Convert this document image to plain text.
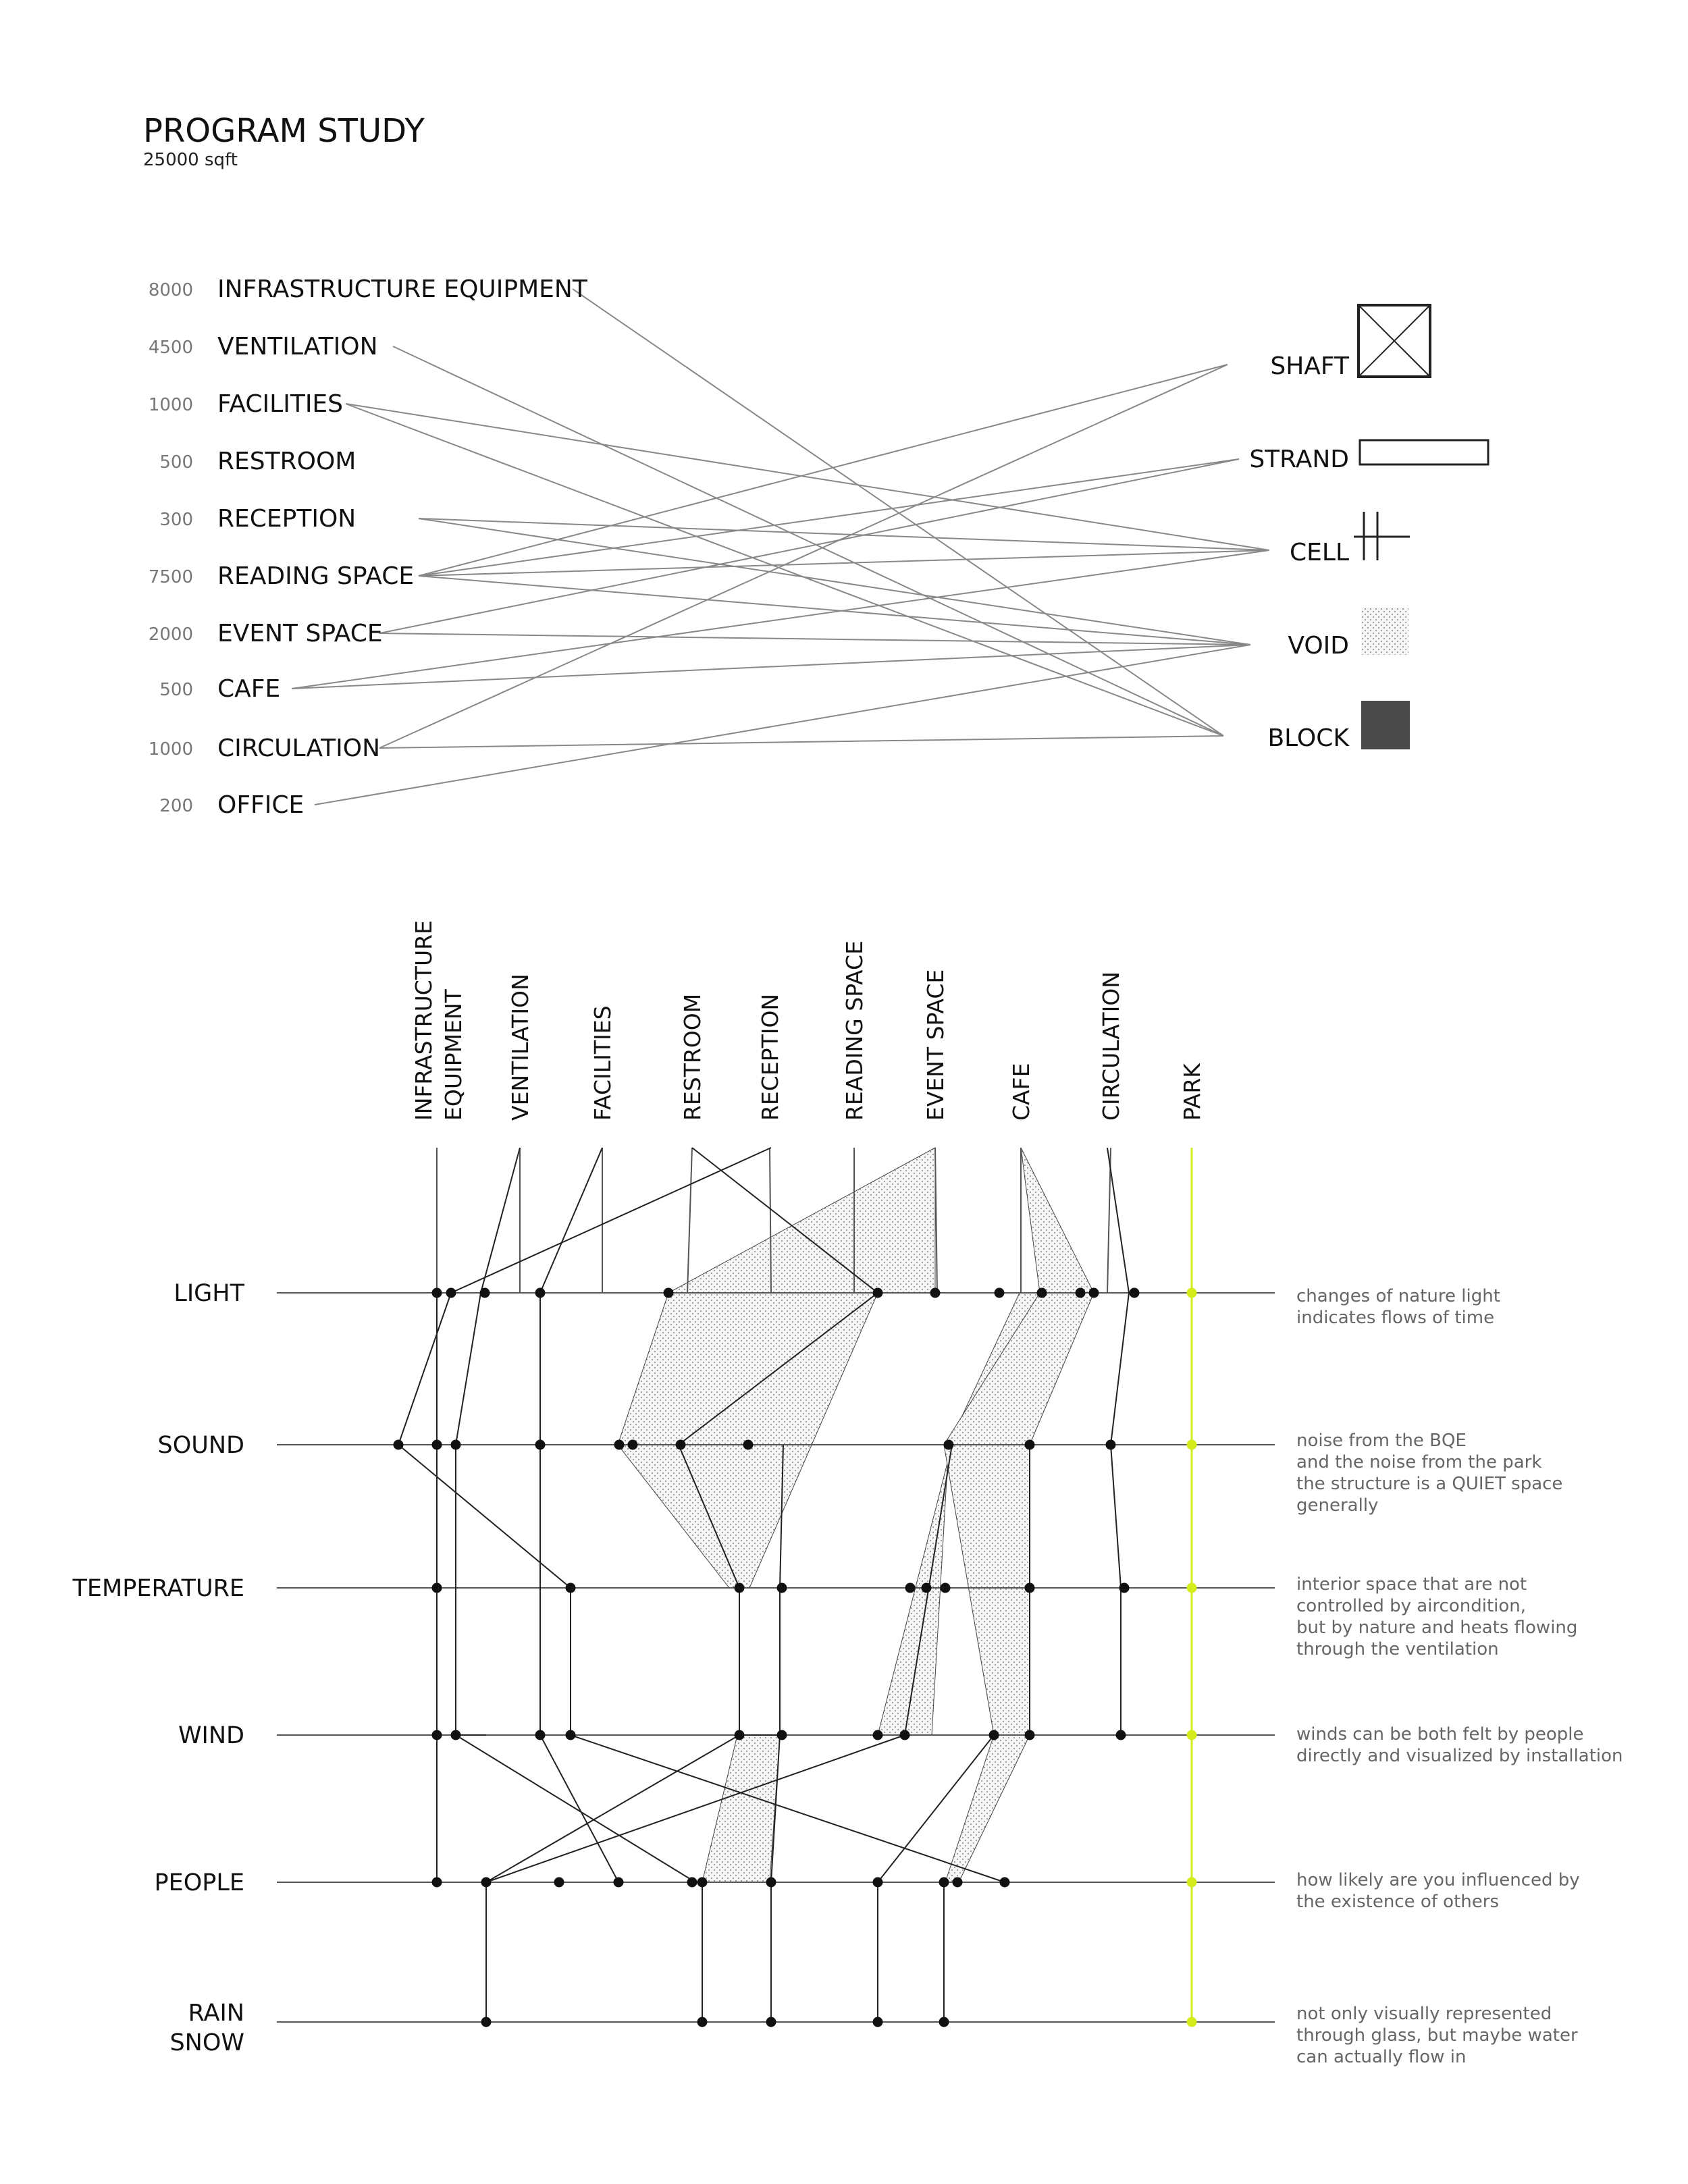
PROGRAM STUDY
25000 sqft
8000 INFRASTRUCTURE EQUIPMENT
4500 VENTILATION
1000 FACILITIES
500 RESTROOM
300 RECEPTION
7500 READING SPACE
2000 EVENT SPACE
500 CAFE
1000 CIRCULATION
200 OFFICE
SHAFT
STRAND
CELL
VOID
BLOCK
INFRASTRUCTURE EQUIPMENT VENTILATION	FACILITIES	RESTROOM RECEPTION	READING SPACE EVENT SPACE	CAFE	CIRCULATION PARK
LIGHT
SOUND
TEMPERATURE
WIND
PEOPLE
RAIN SNOW
changes of nature light indicates flows of time
noise from the BQE and the noise from the park the structure is a QUIET space generally
interior space that are not controlled by aircondition, but by nature and heats flowing through the ventilation
winds can be both felt by people directly and visualized by installation
how likely are you influenced by the existence of others
not only visually represented through glass, but maybe water can actually flow in
